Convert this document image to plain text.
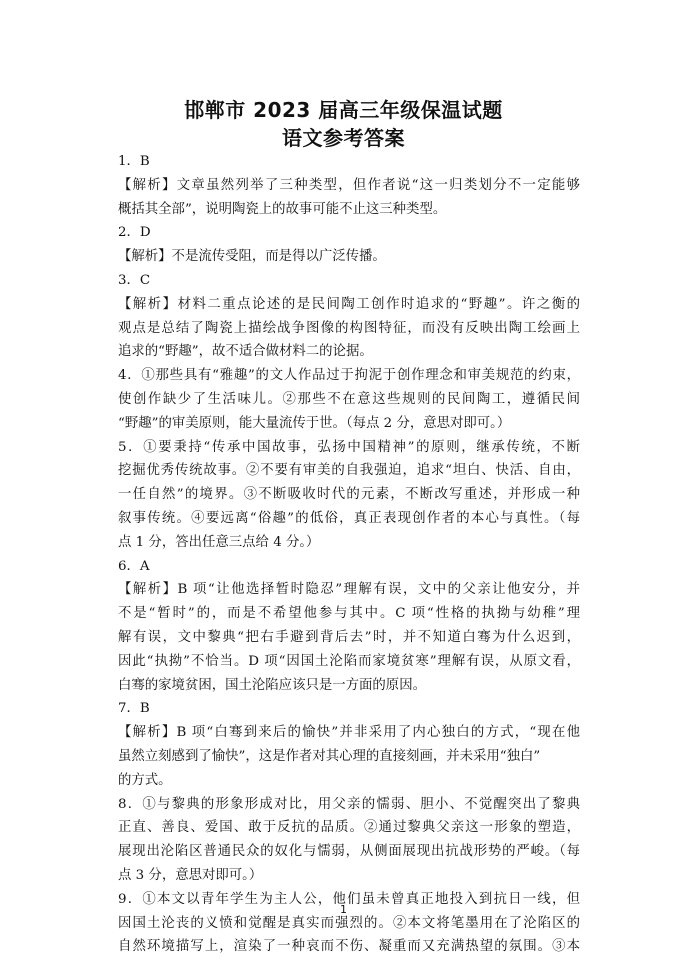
邯郸市 2023 届高三年级保温试题
语文参考答案
1．B
【解析】文章虽然列举了三种类型，但作者说“这一归类划分不一定能够
概括其全部”，说明陶瓷上的故事可能不止这三种类型。
2．D
【解析】不是流传受阻，而是得以广泛传播。
3．C
【解析】材料二重点论述的是民间陶工创作时追求的“野趣”。许之衡的
观点是总结了陶瓷上描绘战争图像的构图特征，而没有反映出陶工绘画上
追求的“野趣”，故不适合做材料二的论据。
4．①那些具有“雅趣”的文人作品过于拘泥于创作理念和审美规范的约束，
使创作缺少了生活味儿。②那些不在意这些规则的民间陶工，遵循民间
“野趣”的审美原则，能大量流传于世。（每点 2 分，意思对即可。）
5．①要秉持“传承中国故事，弘扬中国精神”的原则，继承传统，不断
挖掘优秀传统故事。②不要有审美的自我强迫，追求“坦白、快活、自由，
一任自然”的境界。③不断吸收时代的元素，不断改写重述，并形成一种
叙事传统。④要远离“俗趣”的低俗，真正表现创作者的本心与真性。（每
点 1 分，答出任意三点给 4 分。）
6．A
【解析】B 项“让他选择暂时隐忍”理解有误，文中的父亲让他安分，并
不是“暂时”的，而是不希望他参与其中。C 项“性格的执拗与幼稚”理
解有误，文中黎典“把右手避到背后去”时，并不知道白骞为什么迟到，
因此“执拗”不恰当。D 项“因国土沦陷而家境贫寒”理解有误，从原文看，
白骞的家境贫困，国土沦陷应该只是一方面的原因。
7．B
【解析】B 项“白骞到来后的愉快”并非采用了内心独白的方式，“现在他
虽然立刻感到了愉快”，这是作者对其心理的直接刻画，并未采用“独白”
的方式。
8．①与黎典的形象形成对比，用父亲的懦弱、胆小、不觉醒突出了黎典
正直、善良、爱国、敢于反抗的品质。②通过黎典父亲这一形象的塑造，
展现出沦陷区普通民众的奴化与懦弱，从侧面展现出抗战形势的严峻。（每
点 3 分，意思对即可。）
9．①本文以青年学生为主人公，他们虽未曾真正地投入到抗日一线，但
因国土沦丧的义愤和觉醒是真实而强烈的。②本文将笔墨用在了沦陷区的
自然环境描写上，渲染了一种哀而不伤、凝重而又充满热望的氛围。③本
1
